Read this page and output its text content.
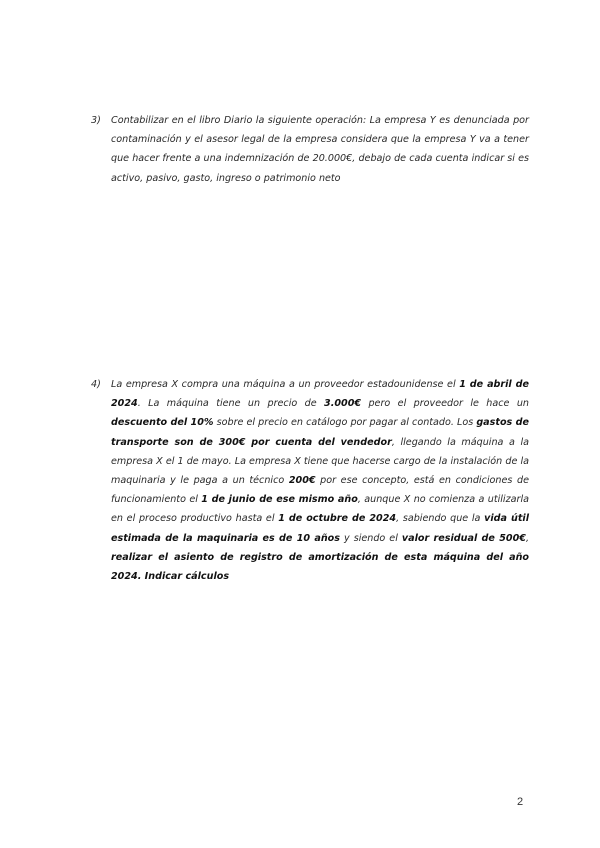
3)	Contabilizar en el libro Diario la siguiente operación: La empresa Y es denunciada por contaminación y el asesor legal de la empresa considera que la empresa Y va a tener que hacer frente a una indemnización de 20.000€, debajo de cada cuenta indicar si es activo, pasivo, gasto, ingreso o patrimonio neto
4)	La empresa X compra una máquina a un proveedor estadounidense el 1 de abril de 2024. La máquina tiene un precio de 3.000€ pero el proveedor le hace un descuento del 10% sobre el precio en catálogo por pagar al contado. Los gastos de transporte son de 300€ por cuenta del vendedor, llegando la máquina a la empresa X el 1 de mayo. La empresa X tiene que hacerse cargo de la instalación de la maquinaria y le paga a un técnico 200€ por ese concepto, está en condiciones de funcionamiento el 1 de junio de ese mismo año, aunque X no comienza a utilizarla en el proceso productivo hasta el 1 de octubre de 2024, sabiendo que la vida útil estimada de la maquinaria es de 10 años y siendo el valor residual de 500€, realizar el asiento de registro de amortización de esta máquina del año 2024. Indicar cálculos
2
